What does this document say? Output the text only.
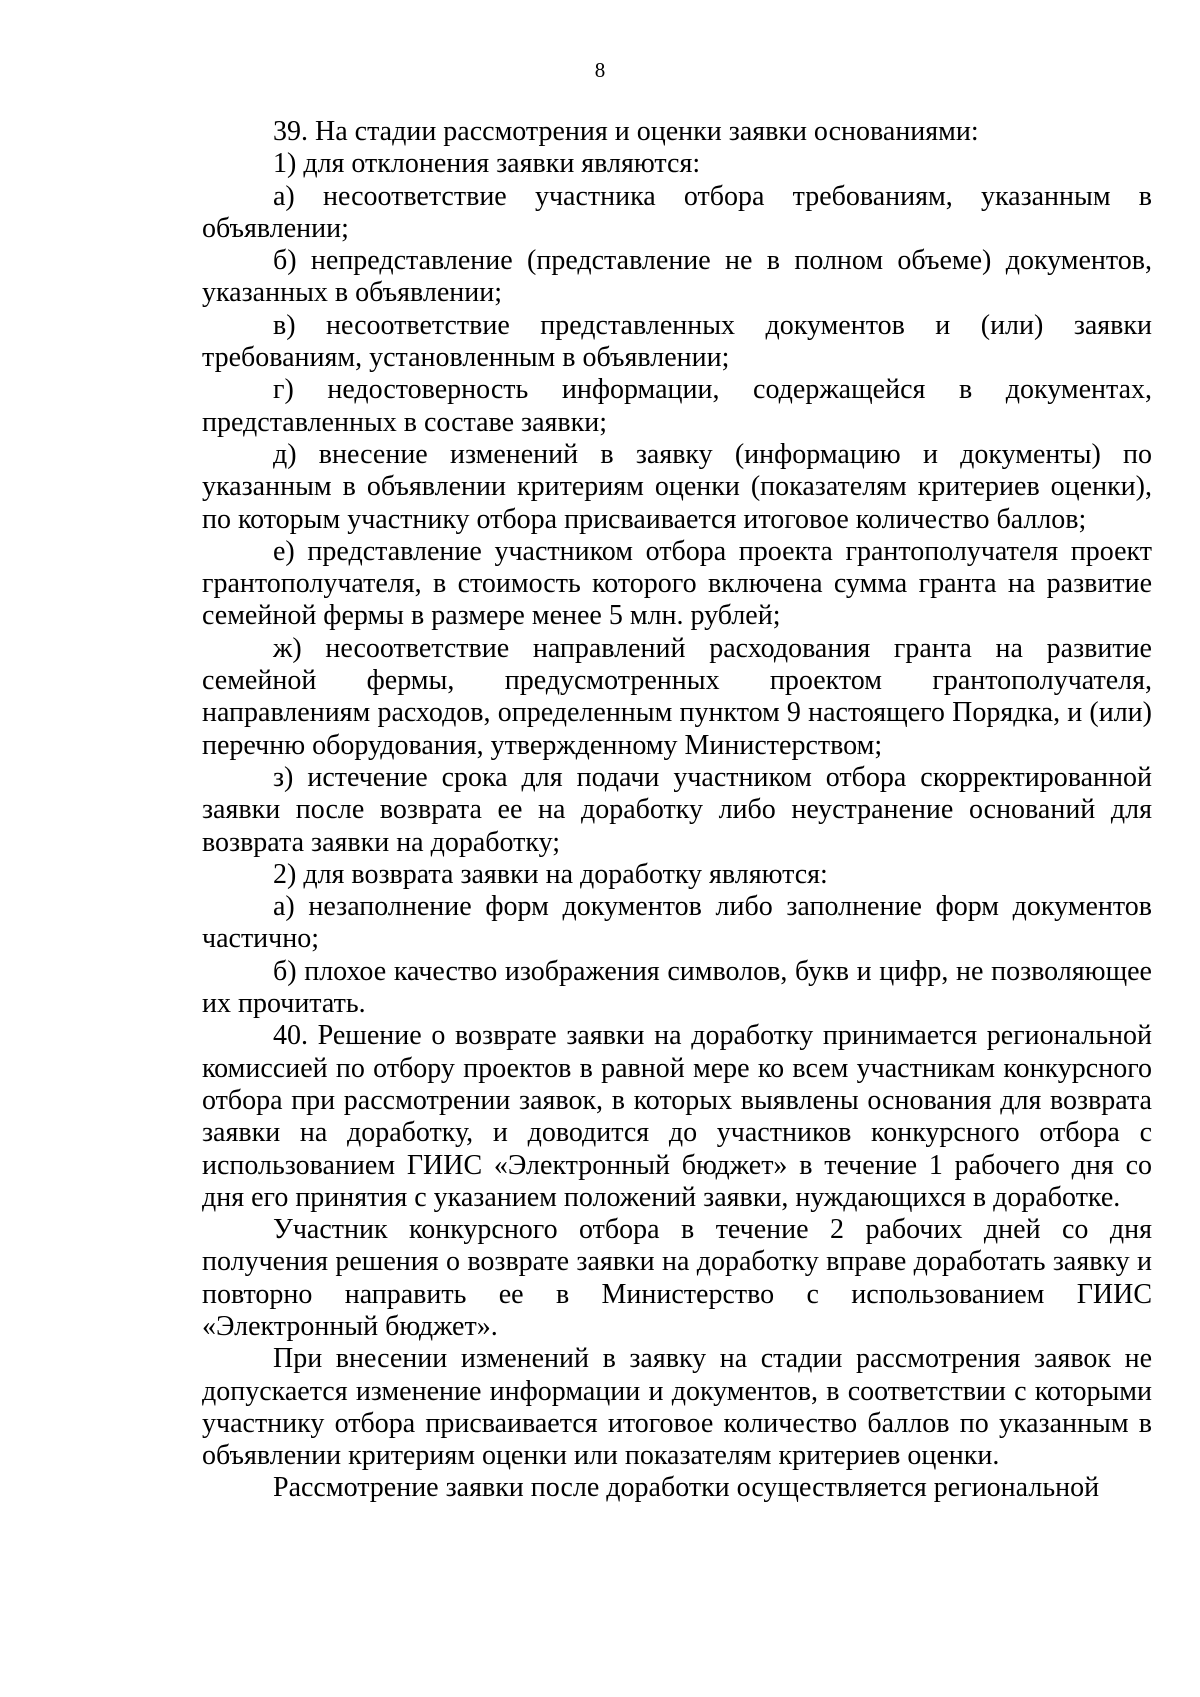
8

39. На стадии рассмотрения и оценки заявки основаниями:

1) для отклонения заявки являются:

а) несоответствие участника отбора требованиям, указанным в объявлении;

б) непредставление (представление не в полном объеме) документов, указанных в объявлении;

в) несоответствие представленных документов и (или) заявки требованиям, установленным в объявлении;

г) недостоверность информации, содержащейся в документах, представленных в составе заявки;

д) внесение изменений в заявку (информацию и документы) по указанным в объявлении критериям оценки (показателям критериев оценки), по которым участнику отбора присваивается итоговое количество баллов;

е) представление участником отбора проекта грантополучателя проект грантополучателя, в стоимость которого включена сумма гранта на развитие семейной фермы в размере менее 5 млн. рублей;

ж) несоответствие направлений расходования гранта на развитие семейной фермы, предусмотренных проектом грантополучателя, направлениям расходов, определенным пунктом 9 настоящего Порядка, и (или) перечню оборудования, утвержденному Министерством;

з) истечение срока для подачи участником отбора скорректированной заявки после возврата ее на доработку либо неустранение оснований для возврата заявки на доработку;

2) для возврата заявки на доработку являются:

а) незаполнение форм документов либо заполнение форм документов частично;

б) плохое качество изображения символов, букв и цифр, не позволяющее их прочитать.

40. Решение о возврате заявки на доработку принимается региональной комиссией по отбору проектов в равной мере ко всем участникам конкурсного отбора при рассмотрении заявок, в которых выявлены основания для возврата заявки на доработку, и доводится до участников конкурсного отбора с использованием ГИИС «Электронный бюджет» в течение 1 рабочего дня со дня его принятия с указанием положений заявки, нуждающихся в доработке.

Участник конкурсного отбора в течение 2 рабочих дней со дня получения решения о возврате заявки на доработку вправе доработать заявку и повторно направить ее в Министерство с использованием ГИИС «Электронный бюджет».

При внесении изменений в заявку на стадии рассмотрения заявок не допускается изменение информации и документов, в соответствии с которыми участнику отбора присваивается итоговое количество баллов по указанным в объявлении критериям оценки или показателям критериев оценки.

Рассмотрение заявки после доработки осуществляется региональной
